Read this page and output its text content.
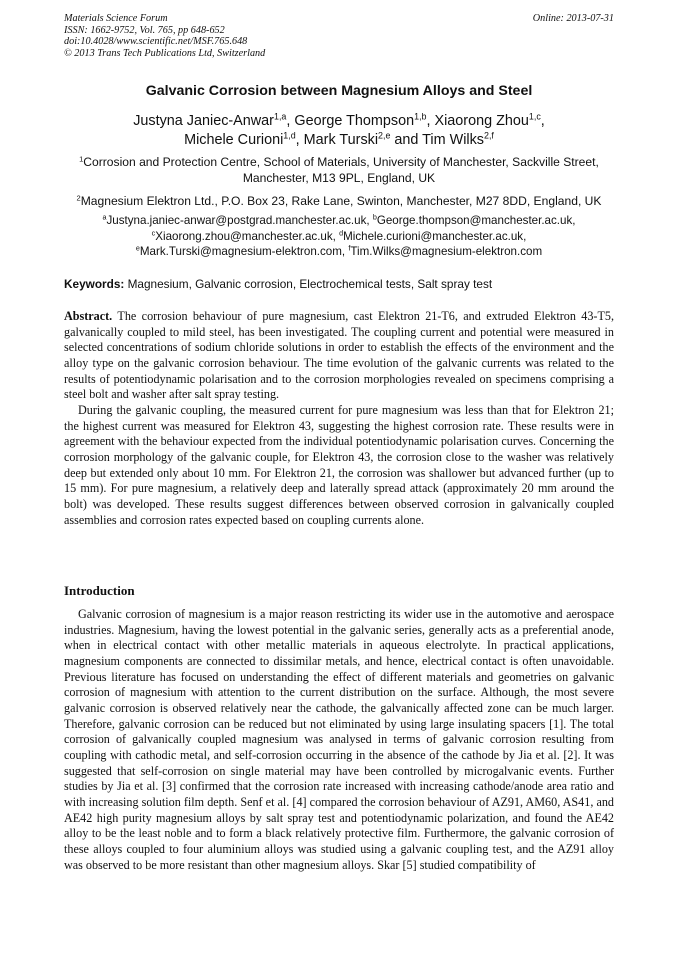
Materials Science Forum
ISSN: 1662-9752, Vol. 765, pp 648-652
doi:10.4028/www.scientific.net/MSF.765.648
© 2013 Trans Tech Publications Ltd, Switzerland
Online: 2013-07-31
Galvanic Corrosion between Magnesium Alloys and Steel
Justyna Janiec-Anwar$^{1,a}$, George Thompson$^{1,b}$, Xiaorong Zhou$^{1,c}$,
Michele Curioni$^{1,d}$, Mark Turski$^{2,e}$ and Tim Wilks$^{2,f}$
$^1$Corrosion and Protection Centre, School of Materials, University of Manchester, Sackville Street, Manchester, M13 9PL, England, UK
$^2$Magnesium Elektron Ltd., P.O. Box 23, Rake Lane, Swinton, Manchester, M27 8DD, England, UK
$^a$Justyna.janiec-anwar@postgrad.manchester.ac.uk, $^b$George.thompson@manchester.ac.uk,
$^c$Xiaorong.zhou@manchester.ac.uk, $^d$Michele.curioni@manchester.ac.uk,
$^e$Mark.Turski@magnesium-elektron.com, $^f$Tim.Wilks@magnesium-elektron.com
Keywords: Magnesium, Galvanic corrosion, Electrochemical tests, Salt spray test

Abstract. The corrosion behaviour of pure magnesium, cast Elektron 21-T6, and extruded Elektron 43-T5, galvanically coupled to mild steel, has been investigated. The coupling current and potential were measured in selected concentrations of sodium chloride solutions in order to establish the effects of the environment and the alloy type on the galvanic corrosion behaviour. The time evolution of the galvanic currents was related to the results of potentiodynamic polarisation and to the corrosion morphologies revealed on specimens comprising a steel bolt and washer after salt spray testing.

During the galvanic coupling, the measured current for pure magnesium was less than that for Elektron 21; the highest current was measured for Elektron 43, suggesting the highest corrosion rate. These results were in agreement with the behaviour expected from the individual potentiodynamic polarisation curves. Concerning the corrosion morphology of the galvanic couple, for Elektron 43, the corrosion close to the washer was relatively deep but extended only about 10 mm. For Elektron 21, the corrosion was shallower but advanced further (up to 15 mm). For pure magnesium, a relatively deep and laterally spread attack (approximately 20 mm around the bolt) was developed. These results suggest differences between observed corrosion in galvanically coupled assemblies and corrosion rates expected based on coupling currents alone.

Introduction
Galvanic corrosion of magnesium is a major reason restricting its wider use in the automotive and aerospace industries. Magnesium, having the lowest potential in the galvanic series, generally acts as a preferential anode, when in electrical contact with other metallic materials in aqueous electrolyte. In practical applications, magnesium components are connected to dissimilar metals, and hence, electrical contact is often unavoidable. Previous literature has focused on understanding the effect of different materials and geometries on galvanic corrosion of magnesium with attention to the current distribution on the surface. Although, the most severe galvanic corrosion is observed relatively near the cathode, the galvanically affected zone can be much larger. Therefore, galvanic corrosion can be reduced but not eliminated by using large insulating spacers [1]. The total corrosion of galvanically coupled magnesium was analysed in terms of galvanic corrosion resulting from coupling with cathodic metal, and self-corrosion occurring in the absence of the cathode by Jia et al. [2]. It was suggested that self-corrosion on single material may have been controlled by microgalvanic events. Further studies by Jia et al. [3] confirmed that the corrosion rate increased with increasing cathode/anode area ratio and with increasing solution film depth. Senf et al. [4] compared the corrosion behaviour of AZ91, AM60, AS41, and AE42 high purity magnesium alloys by salt spray test and potentiodynamic polarization, and found the AE42 alloy to be the least noble and to form a black relatively protective film. Furthermore, the galvanic corrosion of these alloys coupled to four aluminium alloys was studied using a galvanic coupling test, and the AZ91 alloy was observed to be more resistant than other magnesium alloys. Skar [5] studied compatibility of
